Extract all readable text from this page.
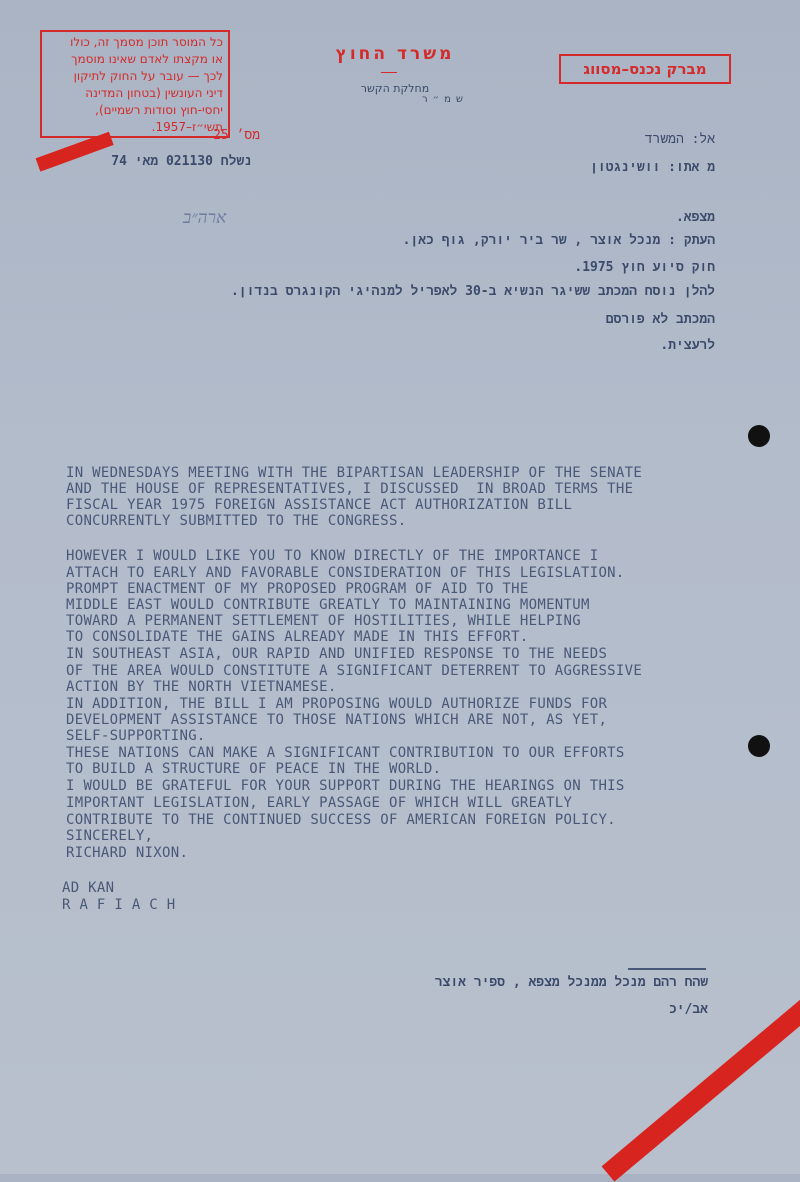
כל המוסר תוכן מסמך זה, כולו
או מקצתו לאדם שאינו מוסמך
לכך — עובר על החוק לתיקון
דיני העונשין (בטחון המדינה
יחסי-חוץ וסודות רשמיים),
תשי״ז–1957.
משרד החוץ
מחלקת הקשר
שמ״ר
מברק נכנס–מסווג
מס׳ 25
נשלח 021130 מאי 74
אל: המשרד
מ אתו: וושינגטון
ארה״ב	מצפא.
העתק : מנכל אוצר , שר ביר יורק, גוף כאן.
חוק סיוע חוץ 1975.
להלן נוסח המכתב ששיגר הנשיא ב-30 לאפריל למנהיגי הקונגרס בנדון.
המכתב לא פורסם
לרעצית.
IN WEDNESDAYS MEETING WITH THE BIPARTISAN LEADERSHIP OF THE SENATE
AND THE HOUSE OF REPRESENTATIVES, I DISCUSSED  IN BROAD TERMS THE
FISCAL YEAR 1975 FOREIGN ASSISTANCE ACT AUTHORIZATION BILL
CONCURRENTLY SUBMITTED TO THE CONGRESS.
HOWEVER I WOULD LIKE YOU TO KNOW DIRECTLY OF THE IMPORTANCE I
ATTACH TO EARLY AND FAVORABLE CONSIDERATION OF THIS LEGISLATION.
PROMPT ENACTMENT OF MY PROPOSED PROGRAM OF AID TO THE
MIDDLE EAST WOULD CONTRIBUTE GREATLY TO MAINTAINING MOMENTUM
TOWARD A PERMANENT SETTLEMENT OF HOSTILITIES, WHILE HELPING
TO CONSOLIDATE THE GAINS ALREADY MADE IN THIS EFFORT.
IN SOUTHEAST ASIA, OUR RAPID AND UNIFIED RESPONSE TO THE NEEDS
OF THE AREA WOULD CONSTITUTE A SIGNIFICANT DETERRENT TO AGGRESSIVE
ACTION BY THE NORTH VIETNAMESE.
IN ADDITION, THE BILL I AM PROPOSING WOULD AUTHORIZE FUNDS FOR
DEVELOPMENT ASSISTANCE TO THOSE NATIONS WHICH ARE NOT, AS YET,
SELF-SUPPORTING.
THESE NATIONS CAN MAKE A SIGNIFICANT CONTRIBUTION TO OUR EFFORTS
TO BUILD A STRUCTURE OF PEACE IN THE WORLD.
I WOULD BE GRATEFUL FOR YOUR SUPPORT DURING THE HEARINGS ON THIS
IMPORTANT LEGISLATION, EARLY PASSAGE OF WHICH WILL GREATLY
CONTRIBUTE TO THE CONTINUED SUCCESS OF AMERICAN FOREIGN POLICY.
SINCERELY,
RICHARD NIXON.
AD KAN
R A F I A C H
שהח רהם מנכל ממנכל מצפא , ספיר אוצר
אב/יכ
